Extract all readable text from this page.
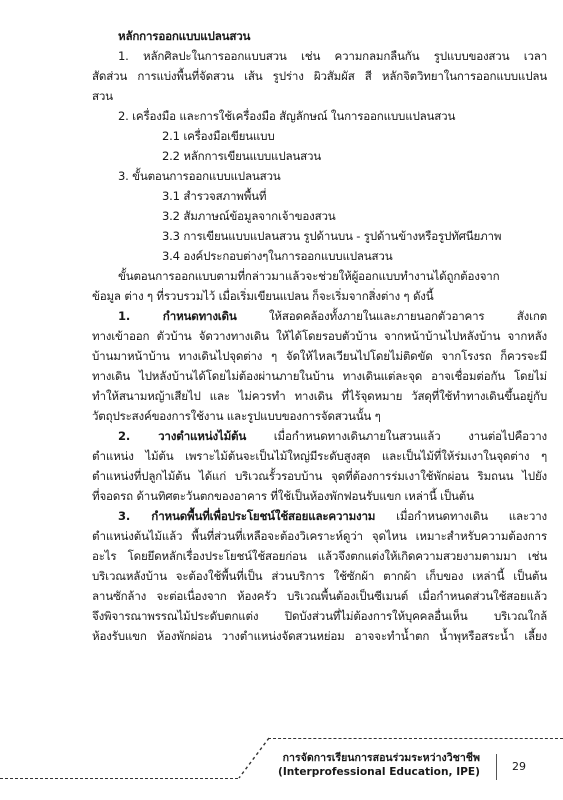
หลักการออกแบบแปลนสวน
1. หลักศิลปะในการออกแบบสวน เช่น ความกลมกลืนกัน รูปแบบของสวน เวลา
สัดส่วน การแบ่งพื้นที่จัดสวน เส้น รูปร่าง ผิวสัมผัส สี หลักจิตวิทยาในการออกแบบแปลน
สวน
2. เครื่องมือ และการใช้เครื่องมือ สัญลักษณ์ ในการออกแบบแปลนสวน
2.1 เครื่องมือเขียนแบบ
2.2 หลักการเขียนแบบแปลนสวน
3. ขั้นตอนการออกแบบแปลนสวน
3.1 สำรวจสภาพพื้นที่
3.2 สัมภาษณ์ข้อมูลจากเจ้าของสวน
3.3 การเขียนแบบแปลนสวน รูปด้านบน - รูปด้านข้างหรือรูปทัศนียภาพ
3.4 องค์ประกอบต่างๆในการออกแบบแปลนสวน
ขั้นตอนการออกแบบตามที่กล่าวมาแล้วจะช่วยให้ผู้ออกแบบทำงานได้ถูกต้องจาก
ข้อมูล ต่าง ๆ ที่รวบรวมไว้ เมื่อเริ่มเขียนแปลน ก็จะเริ่มจากสิ่งต่าง ๆ ดังนี้
1. กำหนดทางเดิน	ให้สอดคล้องทั้งภายในและภายนอกตัวอาคาร สังเกต
ทางเข้าออก ตัวบ้าน จัดวางทางเดิน ให้ได้โดยรอบตัวบ้าน จากหน้าบ้านไปหลังบ้าน จากหลัง
บ้านมาหน้าบ้าน ทางเดินไปจุดต่าง ๆ จัดให้ไหลเวียนไปโดยไม่ติดขัด จากโรงรถ ก็ควรจะมี
ทางเดิน ไปหลังบ้านได้โดยไม่ต้องผ่านภายในบ้าน ทางเดินแต่ละจุด อาจเชื่อมต่อกัน โดยไม่
ทำให้สนามหญ้าเสียไป และ ไม่ควรทำ ทางเดิน ที่ไร้จุดหมาย วัสดุที่ใช้ทำทางเดินขึ้นอยู่กับ
วัตถุประสงค์ของการใช้งาน และรูปแบบของการจัดสวนนั้น ๆ
2. วางตำแหน่งไม้ต้น เมื่อกำหนดทางเดินภายในสวนแล้ว งานต่อไปคือวาง
ตำแหน่ง ไม้ต้น เพราะไม้ต้นจะเป็นไม้ใหญ่มีระดับสูงสุด และเป็นไม้ที่ให้ร่มเงาในจุดต่าง ๆ
ตำแหน่งที่ปลูกไม้ต้น ได้แก่ บริเวณรั้วรอบบ้าน จุดที่ต้องการร่มเงาใช้พักผ่อน ริมถนน ไปยัง
ที่จอดรถ ด้านทิศตะวันตกของอาคาร ที่ใช้เป็นห้องพักฟอนรับแขก เหล่านี้ เป็นต้น
3. กำหนดพื้นที่เพื่อประโยชน์ใช้สอยและความงาม เมื่อกำหนดทางเดิน และวาง
ตำแหน่งต้นไม้แล้ว พื้นที่ส่วนที่เหลือจะต้องวิเคราะห์ดูว่า จุดไหน เหมาะสำหรับความต้องการ
อะไร โดยยึดหลักเรื่องประโยชน์ใช้สอยก่อน แล้วจึงตกแต่งให้เกิดความสวยงามตามมา เช่น
บริเวณหลังบ้าน จะต้องใช้พื้นที่เป็น ส่วนบริการ ใช้ซักผ้า ตากผ้า เก็บของ เหล่านี้ เป็นต้น
ลานซักล้าง จะต่อเนื่องจาก ห้องครัว บริเวณพื้นต้องเป็นซีเมนต์ เมื่อกำหนดส่วนใช้สอยแล้ว
จึงพิจารณาพรรณไม้ประดับตกแต่ง ปิดบังส่วนที่ไม่ต้องการให้บุคคลอื่นเห็น บริเวณใกล้
ห้องรับแขก ห้องพักผ่อน วางตำแหน่งจัดสวนหย่อม อาจจะทำน้ำตก น้ำพุหรือสระน้ำ เลี้ยง
การจัดการเรียนการสอนร่วมระหว่างวิชาชีพ
(Interprofessional Education, IPE)	29
